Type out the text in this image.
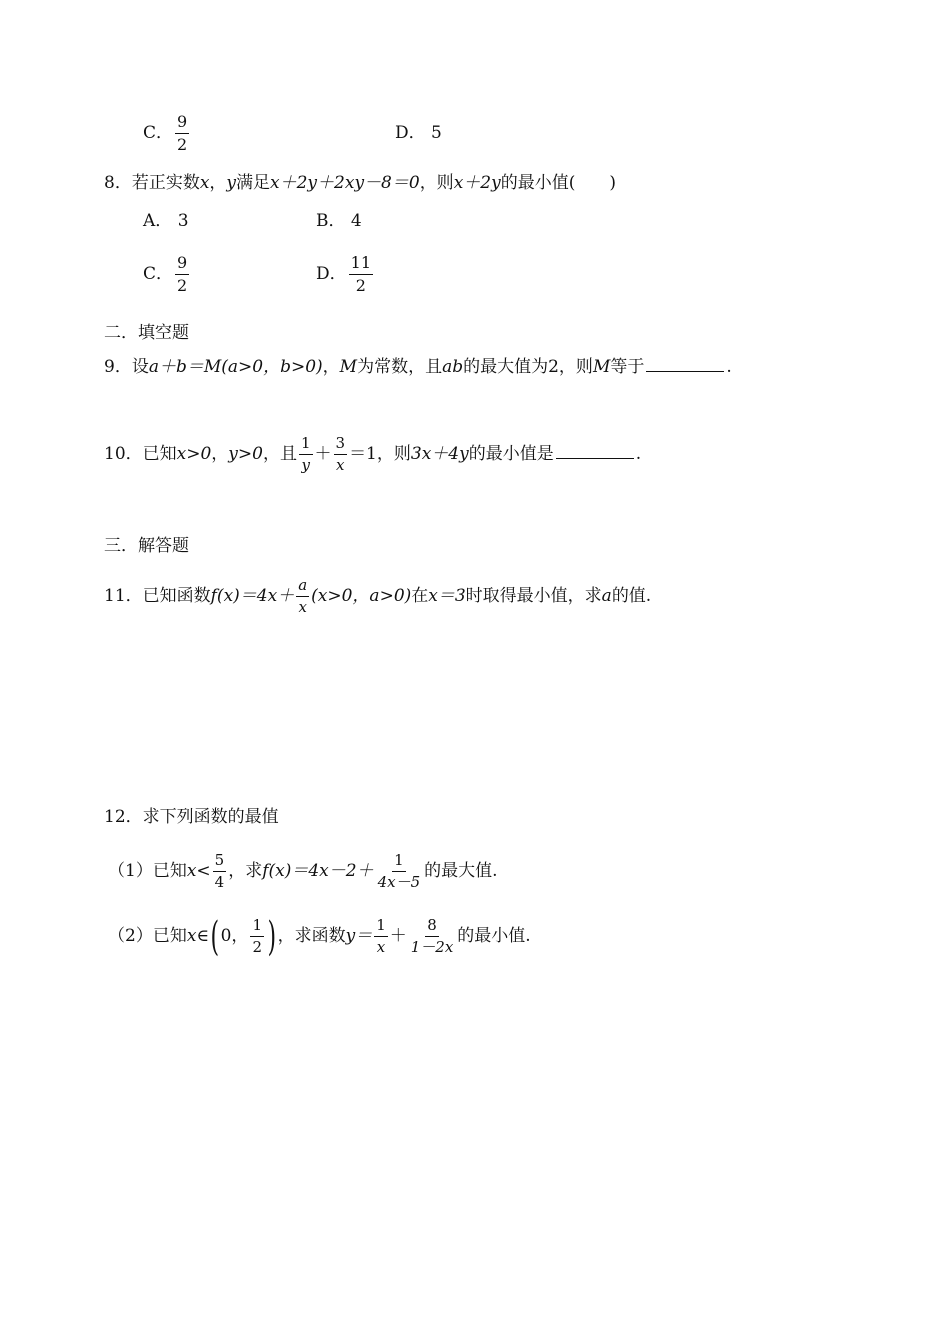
C． $\frac{9}{2}$	D． 5
8．若正实数x，y满足x＋2y＋2xy－8＝0，则x＋2y的最小值(　　)
A． 3	B． 4
C． $\frac{9}{2}$	D． $\frac{11}{2}$
二．填空题
9．设a＋b＝M(a>0，b>0)，M为常数，且ab的最大值为2，则M等于	.
10．已知x>0，y>0，且 $\frac{1}{y} + \frac{3}{x} =1$，则3x＋4y的最小值是	.
三．解答题
11．已知函数$f(x)=4x+ \frac{a}{x} (x>0$，a>0)在x＝3时取得最小值，求a的值.
12．求下列函数的最值
（1）已知$x< \frac{5}{4}$ ，求$f(x)=4x-2+ \frac{1}{4x-5}$ 的最大值.
（2）已知x∈(0， $\frac{1}{2}$ )，求函数$y= \frac{1}{x} + \frac{8}{1-2x}$ 的最小值.
